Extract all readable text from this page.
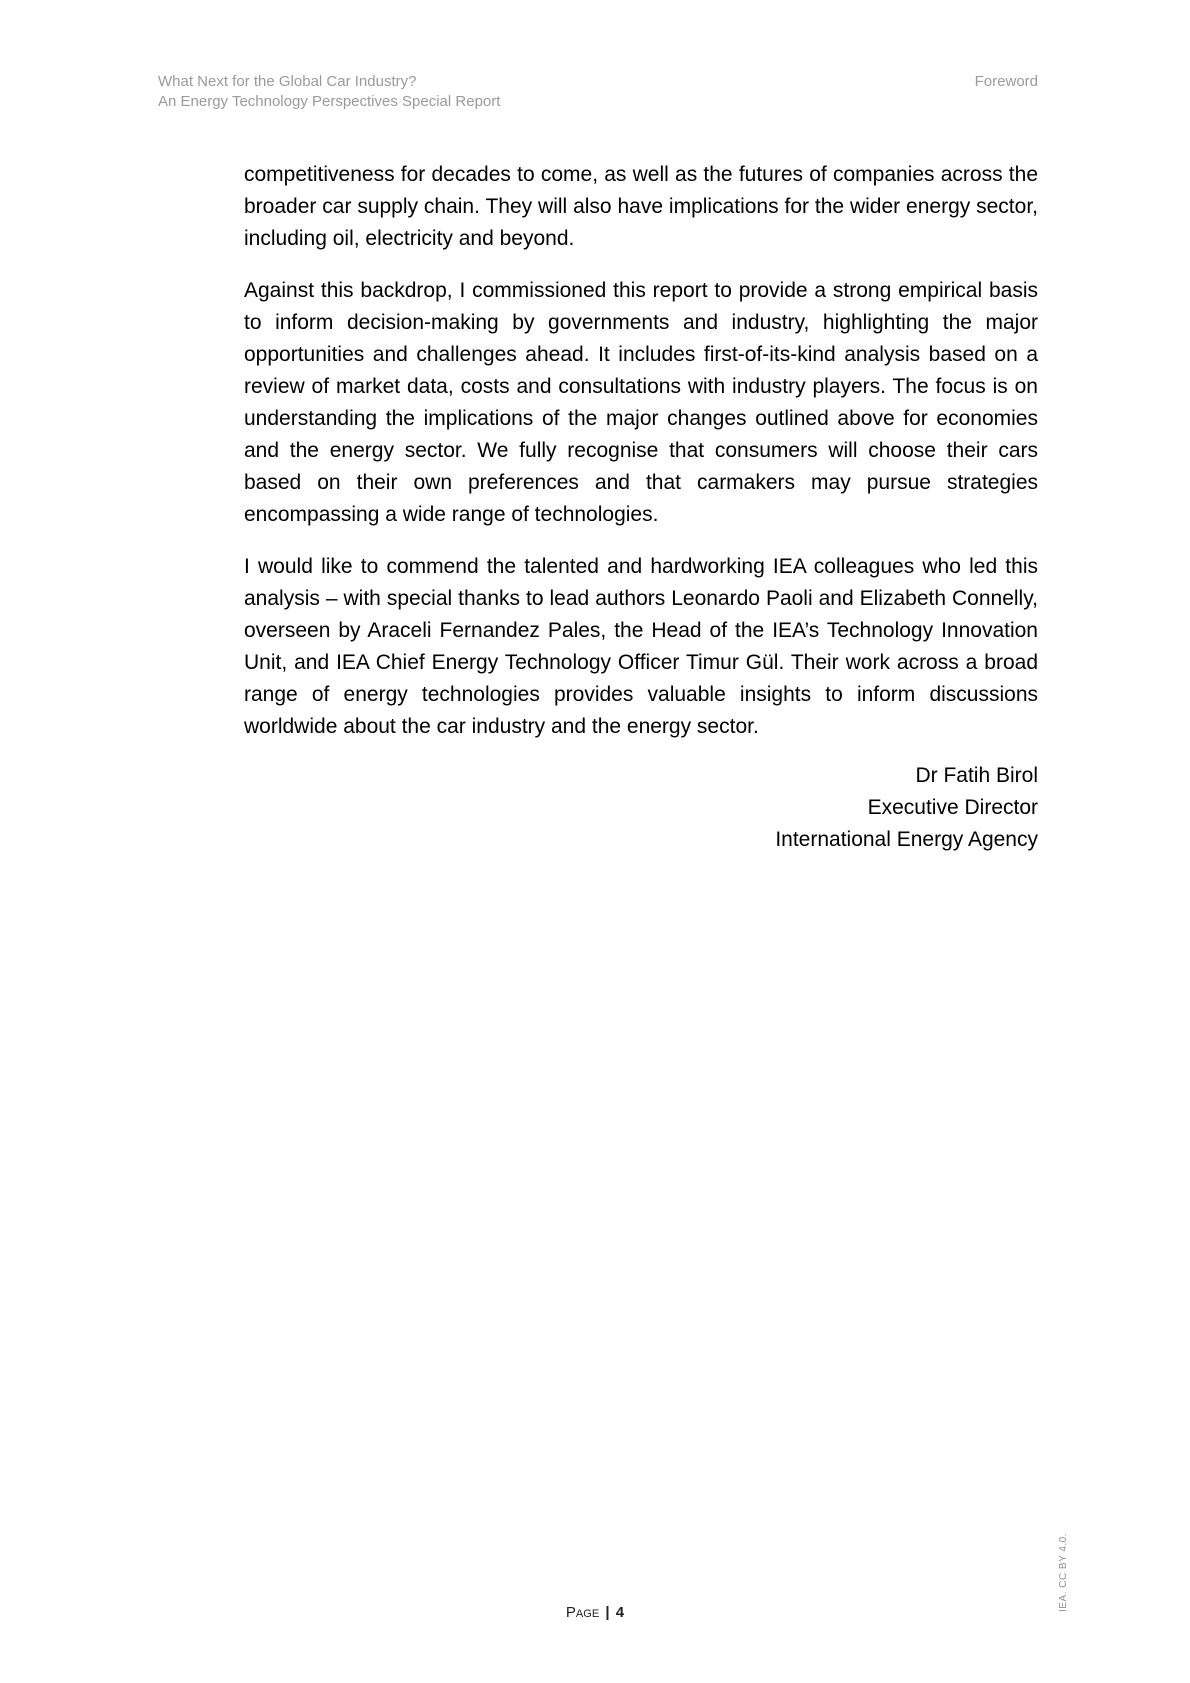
What Next for the Global Car Industry?
An Energy Technology Perspectives Special Report
Foreword

competitiveness for decades to come, as well as the futures of companies across the broader car supply chain. They will also have implications for the wider energy sector, including oil, electricity and beyond.

Against this backdrop, I commissioned this report to provide a strong empirical basis to inform decision-making by governments and industry, highlighting the major opportunities and challenges ahead. It includes first-of-its-kind analysis based on a review of market data, costs and consultations with industry players. The focus is on understanding the implications of the major changes outlined above for economies and the energy sector. We fully recognise that consumers will choose their cars based on their own preferences and that carmakers may pursue strategies encompassing a wide range of technologies.

I would like to commend the talented and hardworking IEA colleagues who led this analysis – with special thanks to lead authors Leonardo Paoli and Elizabeth Connelly, overseen by Araceli Fernandez Pales, the Head of the IEA’s Technology Innovation Unit, and IEA Chief Energy Technology Officer Timur Gül. Their work across a broad range of energy technologies provides valuable insights to inform discussions worldwide about the car industry and the energy sector.

Dr Fatih Birol
Executive Director
International Energy Agency
Page | 4
IEA. CC BY 4.0.
